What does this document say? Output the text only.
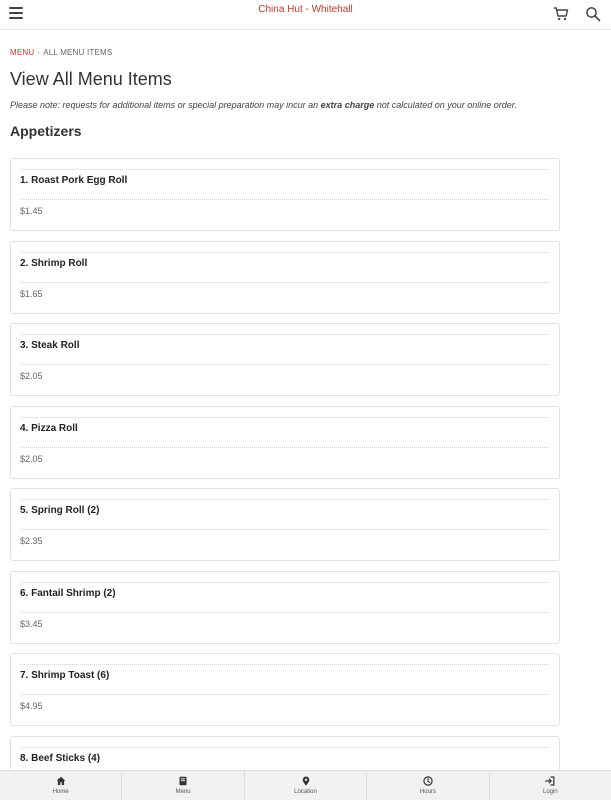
China Hut - Whitehall
MENU › ALL MENU ITEMS
View All Menu Items
Please note: requests for additional items or special preparation may incur an extra charge not calculated on your online order.
Appetizers
1. Roast Pork Egg Roll
$1.45
2. Shrimp Roll
$1.65
3. Steak Roll
$2.05
4. Pizza Roll
$2.05
5. Spring Roll (2)
$2.35
6. Fantail Shrimp (2)
$3.45
7. Shrimp Toast (6)
$4.95
8. Beef Sticks (4)
Home	Menu	Location	Hours	Login
